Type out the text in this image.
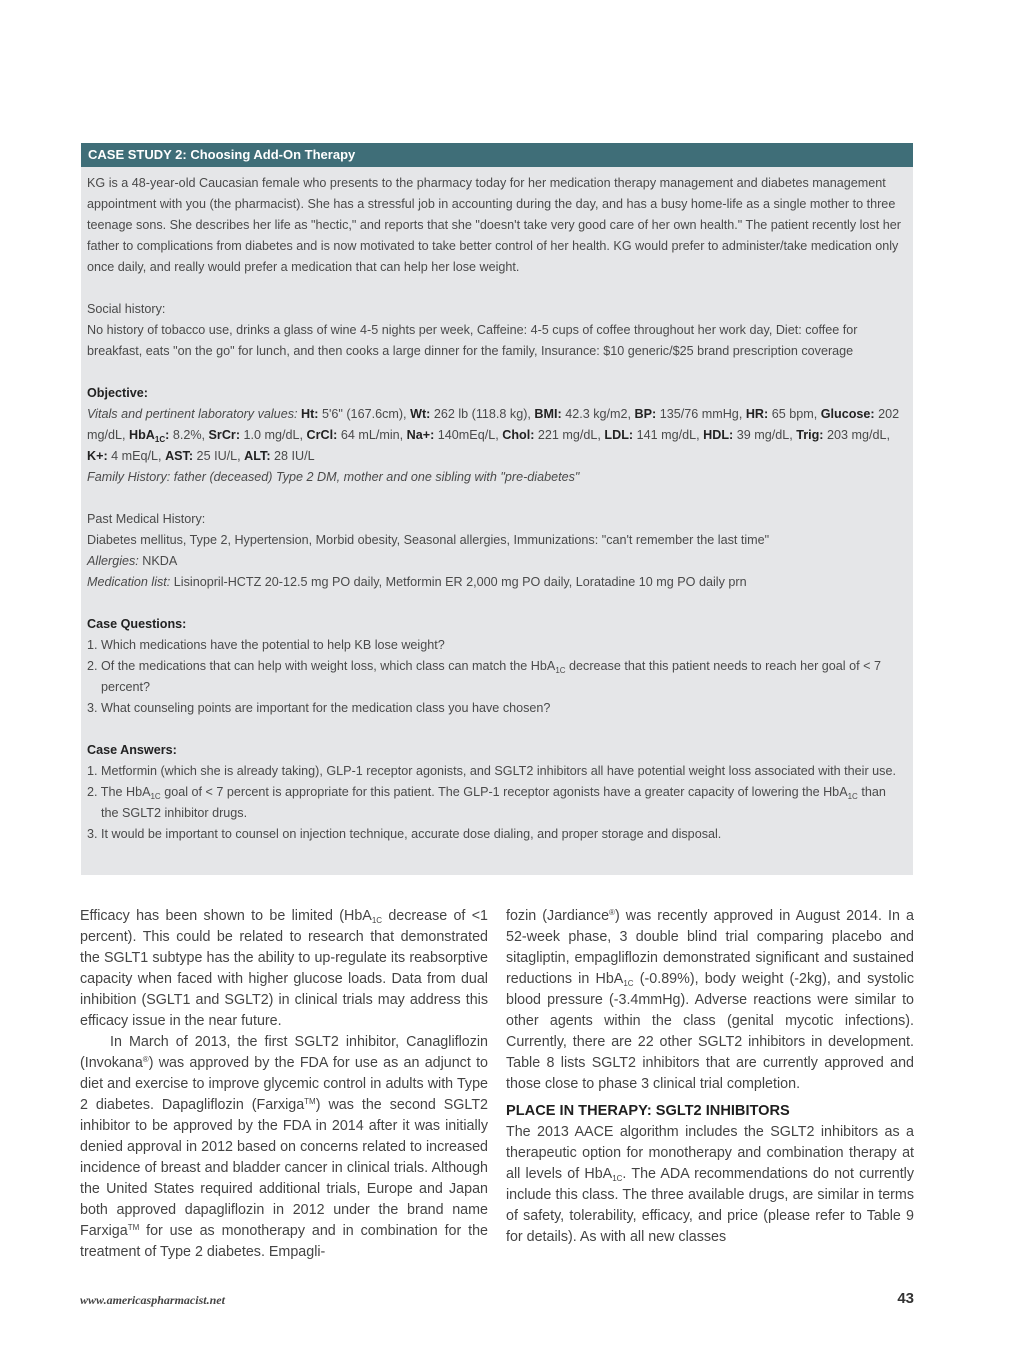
CASE STUDY 2: Choosing Add-On Therapy

KG is a 48-year-old Caucasian female who presents to the pharmacy today for her medication therapy management and diabetes management appointment with you (the pharmacist). She has a stressful job in accounting during the day, and has a busy home-life as a single mother to three teenage sons. She describes her life as "hectic," and reports that she "doesn't take very good care of her own health." The patient recently lost her father to complications from diabetes and is now motivated to take better control of her health. KG would prefer to administer/take medication only once daily, and really would prefer a medication that can help her lose weight.

Social history:

No history of tobacco use, drinks a glass of wine 4-5 nights per week, Caffeine: 4-5 cups of coffee throughout her work day, Diet: coffee for breakfast, eats "on the go" for lunch, and then cooks a large dinner for the family, Insurance: $10 generic/$25 brand prescription coverage

Objective:

Vitals and pertinent laboratory values: Ht: 5'6" (167.6cm), Wt: 262 lb (118.8 kg), BMI: 42.3 kg/m2, BP: 135/76 mmHg, HR: 65 bpm, Glucose: 202 mg/dL, HbA$_{1C}$: 8.2%, SrCr: 1.0 mg/dL, CrCl: 64 mL/min, Na+: 140mEq/L, Chol: 221 mg/dL, LDL: 141 mg/dL, HDL: 39 mg/dL, Trig: 203 mg/dL, K+: 4 mEq/L, AST: 25 IU/L, ALT: 28 IU/L

Family History: father (deceased) Type 2 DM, mother and one sibling with "pre-diabetes"

Past Medical History:

Diabetes mellitus, Type 2, Hypertension, Morbid obesity, Seasonal allergies, Immunizations: "can't remember the last time"

Allergies: NKDA

Medication list: Lisinopril-HCTZ 20-12.5 mg PO daily, Metformin ER 2,000 mg PO daily, Loratadine 10 mg PO daily prn

Case Questions:

1. Which medications have the potential to help KB lose weight?

2. Of the medications that can help with weight loss, which class can match the HbA$_{1C}$ decrease that this patient needs to reach her goal of < 7 percent?

3. What counseling points are important for the medication class you have chosen?

Case Answers:

1. Metformin (which she is already taking), GLP-1 receptor agonists, and SGLT2 inhibitors all have potential weight loss associated with their use.

2. The HbA$_{1C}$ goal of < 7 percent is appropriate for this patient. The GLP-1 receptor agonists have a greater capacity of lowering the HbA$_{1C}$ than the SGLT2 inhibitor drugs.

3. It would be important to counsel on injection technique, accurate dose dialing, and proper storage and disposal.

Efficacy has been shown to be limited (HbA$_{1C}$ decrease of <1 percent). This could be related to research that demonstrated the SGLT1 subtype has the ability to up-regulate its reabsorptive capacity when faced with higher glucose loads. Data from dual inhibition (SGLT1 and SGLT2) in clinical trials may address this efficacy issue in the near future.

In March of 2013, the first SGLT2 inhibitor, Canagliflozin (Invokana®) was approved by the FDA for use as an adjunct to diet and exercise to improve glycemic control in adults with Type 2 diabetes. Dapagliflozin (Farxiga™) was the second SGLT2 inhibitor to be approved by the FDA in 2014 after it was initially denied approval in 2012 based on concerns related to increased incidence of breast and bladder cancer in clinical trials. Although the United States required additional trials, Europe and Japan both approved dapagliflozin in 2012 under the brand name Farxiga™ for use as monotherapy and in combination for the treatment of Type 2 diabetes. Empagli-

fozin (Jardiance®) was recently approved in August 2014. In a 52-week phase, 3 double blind trial comparing placebo and sitagliptin, empagliflozin demonstrated significant and sustained reductions in HbA$_{1C}$ (-0.89%), body weight (-2kg), and systolic blood pressure (-3.4mmHg). Adverse reactions were similar to other agents within the class (genital mycotic infections). Currently, there are 22 other SGLT2 inhibitors in development. Table 8 lists SGLT2 inhibitors that are currently approved and those close to phase 3 clinical trial completion.

PLACE IN THERAPY: SGLT2 INHIBITORS

The 2013 AACE algorithm includes the SGLT2 inhibitors as a therapeutic option for monotherapy and combination therapy at all levels of HbA$_{1C}$. The ADA recommendations do not currently include this class. The three available drugs, are similar in terms of safety, tolerability, efficacy, and price (please refer to Table 9 for details). As with all new classes

www.americaspharmacist.net	43
